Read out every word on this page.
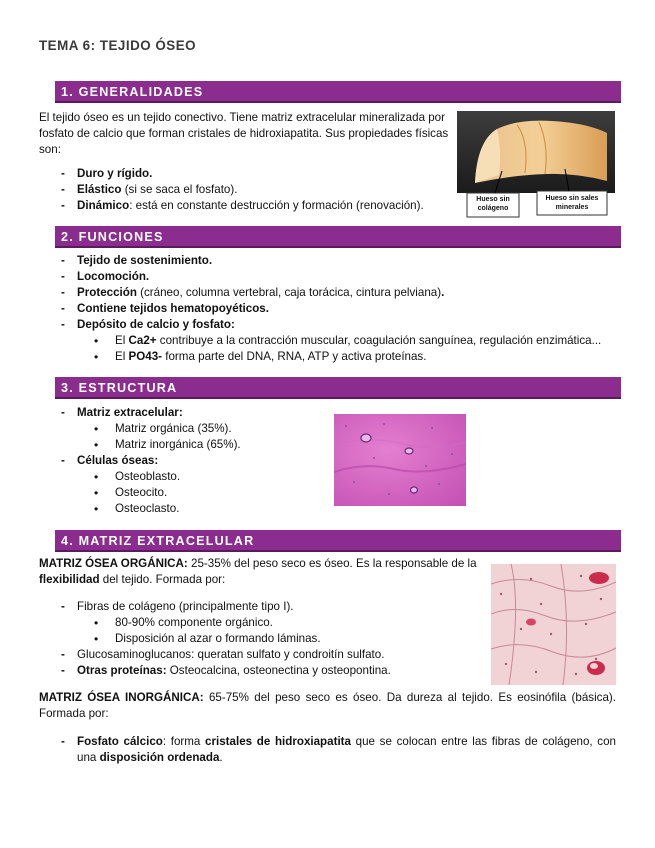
TEMA 6: TEJIDO ÓSEO
1. GENERALIDADES
El tejido óseo es un tejido conectivo. Tiene matriz extracelular mineralizada por fosfato de calcio que forman cristales de hidroxiapatita. Sus propiedades físicas son:
- Duro y rígido.
- Elástico (si se saca el fosfato).
- Dinámico: está en constante destrucción y formación (renovación).	Hueso sin colágeno
Hueso sin sales minerales
2. FUNCIONES
- Tejido de sostenimiento.
- Locomoción.
- Protección (cráneo, columna vertebral, caja torácica, cintura pelviana).
- Contiene tejidos hematopoyéticos.
- Depósito de calcio y fosfato:
• El Ca2+ contribuye a la contracción muscular, coagulación sanguínea, regulación enzimática...
• El PO43- forma parte del DNA, RNA, ATP y activa proteínas.
3. ESTRUCTURA
- Matriz extracelular:
• Matriz orgánica (35%).
• Matriz inorgánica (65%).
- Células óseas:
• Osteoblasto.
• Osteocito.
• Osteoclasto.
4. MATRIZ EXTRACELULAR
MATRIZ ÓSEA ORGÁNICA: 25-35% del peso seco es óseo. Es la responsable de la flexibilidad del tejido. Formada por:
- Fibras de colágeno (principalmente tipo I).
• 80-90% componente orgánico.
• Disposición al azar o formando láminas.
- Glucosaminoglucanos: queratan sulfato y condroitín sulfato.
- Otras proteínas: Osteocalcina, osteonectina y osteopontina.
MATRIZ ÓSEA INORGÁNICA: 65-75% del peso seco es óseo. Da dureza al tejido. Es eosinófila (básica). Formada por:
- Fosfato cálcico: forma cristales de hidroxiapatita que se colocan entre las fibras de colágeno, con una disposición ordenada.
